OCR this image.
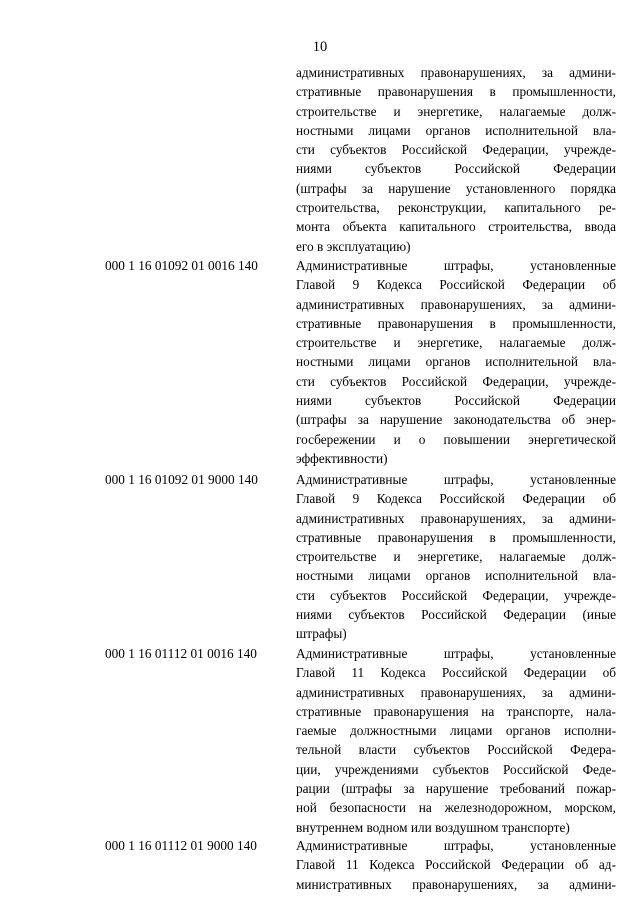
10
административных правонарушениях, за админи-
стративные правонарушения в промышленности,
строительстве и энергетике, налагаемые долж-
ностными лицами органов исполнительной вла-
сти субъектов Российской Федерации, учрежде-
ниями субъектов Российской Федерации
(штрафы за нарушение установленного порядка
строительства, реконструкции, капитального ре-
монта объекта капитального строительства, ввода
его в эксплуатацию)
000 1 16 01092 01 0016 140	Административные штрафы, установленные
Главой 9 Кодекса Российской Федерации об
административных правонарушениях, за админи-
стративные правонарушения в промышленности,
строительстве и энергетике, налагаемые долж-
ностными лицами органов исполнительной вла-
сти субъектов Российской Федерации, учрежде-
ниями субъектов Российской Федерации
(штрафы за нарушение законодательства об энер-
госбережении и о повышении энергетической
эффективности)
000 1 16 01092 01 9000 140	Административные штрафы, установленные
Главой 9 Кодекса Российской Федерации об
административных правонарушениях, за админи-
стративные правонарушения в промышленности,
строительстве и энергетике, налагаемые долж-
ностными лицами органов исполнительной вла-
сти субъектов Российской Федерации, учрежде-
ниями субъектов Российской Федерации (иные
штрафы)
000 1 16 01112 01 0016 140	Административные штрафы, установленные
Главой 11 Кодекса Российской Федерации об
административных правонарушениях, за админи-
стративные правонарушения на транспорте, нала-
гаемые должностными лицами органов исполни-
тельной власти субъектов Российской Федера-
ции, учреждениями субъектов Российской Феде-
рации (штрафы за нарушение требований пожар-
ной безопасности на железнодорожном, морском,
внутреннем водном или воздушном транспорте)
000 1 16 01112 01 9000 140	Административные штрафы, установленные
Главой 11 Кодекса Российской Федерации об ад-
министративных правонарушениях, за админи-
